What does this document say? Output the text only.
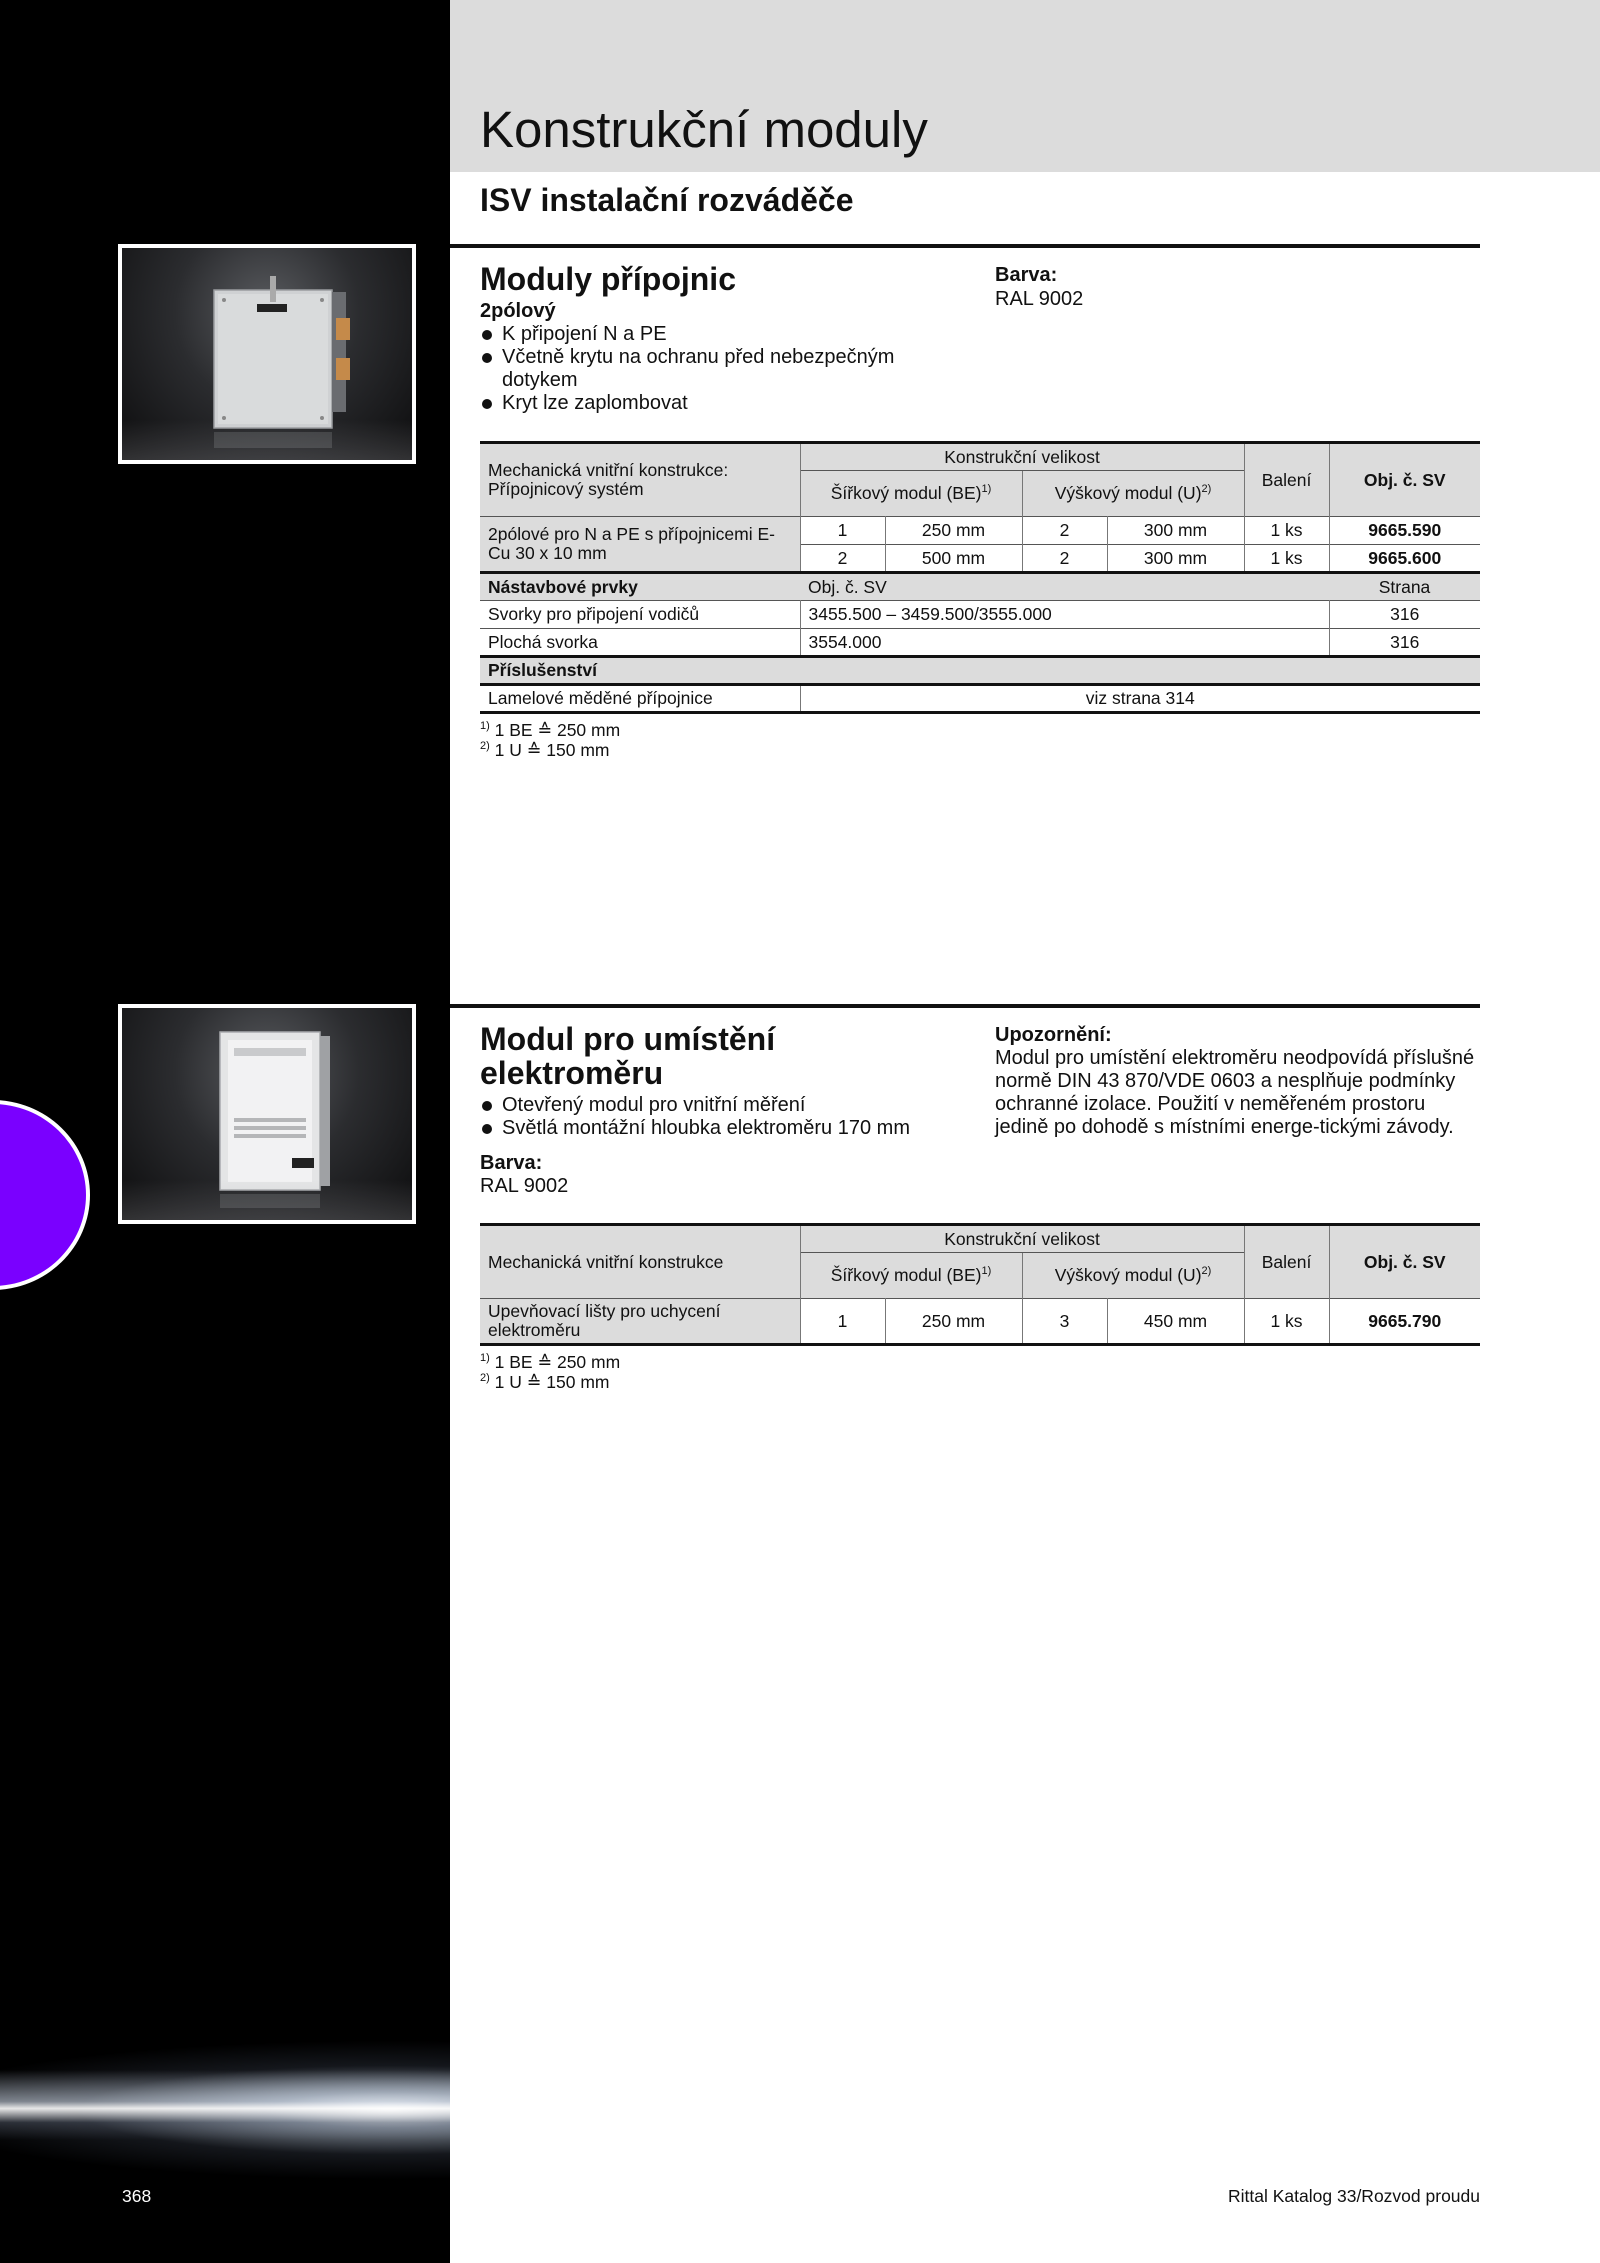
Konstrukční moduly
ISV instalační rozváděče
Moduly přípojnic
2pólový
K připojení N a PE
Včetně krytu na ochranu před nebezpečným dotykem
Kryt lze zaplombovat
Barva:
RAL 9002
Mechanická vnitřní konstrukce: Přípojnicový systém	Konstrukční velikost				Balení	Obj. č. SV
	Šířkový modul (BE)$^{1)}$		Výškový modul $(U)^{2)}$
2pólové pro N a PE s přípojnicemi E-Cu 30 x 10 mm	1	250 mm	2	300 mm	1 ks	9665.590
	2	500 mm	2	300 mm	1 ks	9665.600
Nástavbové prvky	Obj. č. SV					Strana
Svorky pro připojení vodičů	3455.500 – 3459.500/3555.000					316
Plochá svorka	3554.000					316
Příslušenství						
Lamelové měděné přípojnice	viz strana 314					
$^{1)}$ 1 BE ≙ 250 mm
$^{2)}$ 1 U ≙ 150 mm
Modul pro umístění
elektroměru
Otevřený modul pro vnitřní měření
Světlá montážní hloubka elektroměru 170 mm
Barva:
RAL 9002
Upozornění:
Modul pro umístění elektroměru neodpovídá příslušné normě DIN 43 870/VDE 0603 a nesplňuje podmínky ochranné izolace. Použití v neměřeném prostoru jedině po dohodě s místními energe-tickými závody.
Mechanická vnitřní konstrukce	Konstrukční velikost				Balení	Obj. č. SV
	Šířkový modul (BE)$^{1)}$		Výškový modul $(U)^{2)}$
Upevňovací lišty pro uchycení elektroměru	1	250 mm	3	450 mm	1 ks	9665.790
$^{1)}$ 1 BE ≙ 250 mm
$^{2)}$ 1 U ≙ 150 mm
368	Rittal Katalog 33/Rozvod proudu
